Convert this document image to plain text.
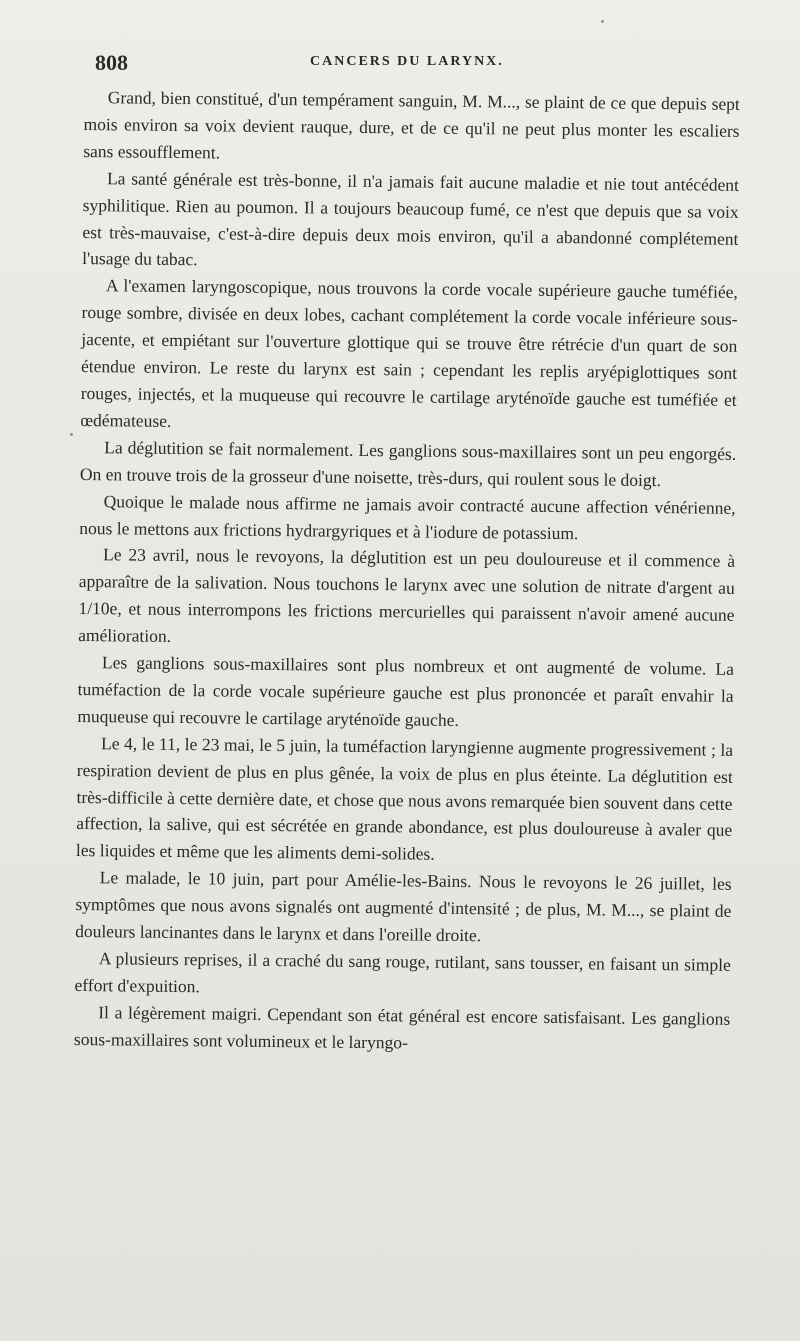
808	CANCERS DU LARYNX.

Grand, bien constitué, d'un tempérament sanguin, M. M..., se plaint de ce que depuis sept mois environ sa voix devient rauque, dure, et de ce qu'il ne peut plus monter les escaliers sans essoufflement.

La santé générale est très-bonne, il n'a jamais fait aucune maladie et nie tout antécédent syphilitique. Rien au poumon. Il a toujours beaucoup fumé, ce n'est que depuis que sa voix est très-mauvaise, c'est-à-dire depuis deux mois environ, qu'il a abandonné complétement l'usage du tabac.

A l'examen laryngoscopique, nous trouvons la corde vocale supérieure gauche tuméfiée, rouge sombre, divisée en deux lobes, cachant complétement la corde vocale inférieure sous-jacente, et empiétant sur l'ouverture glottique qui se trouve être rétrécie d'un quart de son étendue environ. Le reste du larynx est sain ; cependant les replis aryépiglottiques sont rouges, injectés, et la muqueuse qui recouvre le cartilage aryténoïde gauche est tuméfiée et œdémateuse.

La déglutition se fait normalement. Les ganglions sous-maxillaires sont un peu engorgés. On en trouve trois de la grosseur d'une noisette, très-durs, qui roulent sous le doigt.

Quoique le malade nous affirme ne jamais avoir contracté aucune affection vénérienne, nous le mettons aux frictions hydrargyriques et à l'iodure de potassium.

Le 23 avril, nous le revoyons, la déglutition est un peu douloureuse et il commence à apparaître de la salivation. Nous touchons le larynx avec une solution de nitrate d'argent au 1/10e, et nous interrompons les frictions mercurielles qui paraissent n'avoir amené aucune amélioration.

Les ganglions sous-maxillaires sont plus nombreux et ont augmenté de volume. La tuméfaction de la corde vocale supérieure gauche est plus prononcée et paraît envahir la muqueuse qui recouvre le cartilage aryténoïde gauche.

Le 4, le 11, le 23 mai, le 5 juin, la tuméfaction laryngienne augmente progressivement ; la respiration devient de plus en plus gênée, la voix de plus en plus éteinte. La déglutition est très-difficile à cette dernière date, et chose que nous avons remarquée bien souvent dans cette affection, la salive, qui est sécrétée en grande abondance, est plus douloureuse à avaler que les liquides et même que les aliments demi-solides.

Le malade, le 10 juin, part pour Amélie-les-Bains. Nous le revoyons le 26 juillet, les symptômes que nous avons signalés ont augmenté d'intensité ; de plus, M. M..., se plaint de douleurs lancinantes dans le larynx et dans l'oreille droite.

A plusieurs reprises, il a craché du sang rouge, rutilant, sans tousser, en faisant un simple effort d'expuition.

Il a légèrement maigri. Cependant son état général est encore satisfaisant. Les ganglions sous-maxillaires sont volumineux et le laryngo-
